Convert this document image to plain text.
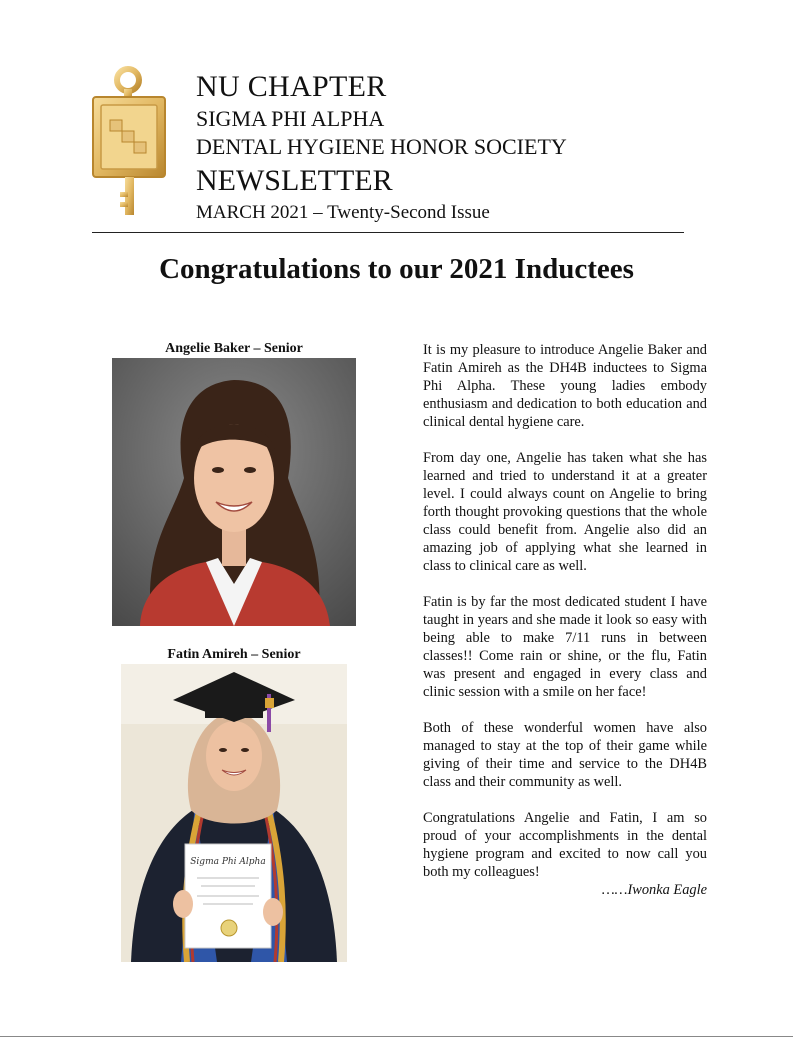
NU CHAPTER
SIGMA PHI ALPHA
DENTAL HYGIENE HONOR SOCIETY
NEWSLETTER
MARCH 2021 – Twenty-Second Issue
Congratulations to our 2021 Inductees
Angelie Baker – Senior
Fatin Amireh – Senior
Sigma Phi Alpha

It is my pleasure to introduce Angelie Baker and Fatin Amireh as the DH4B inductees to Sigma Phi Alpha. These young ladies embody enthusiasm and dedication to both education and clinical dental hygiene care.

From day one, Angelie has taken what she has learned and tried to understand it at a greater level. I could always count on Angelie to bring forth thought provoking questions that the whole class could benefit from. Angelie also did an amazing job of applying what she learned in class to clinical care as well.

Fatin is by far the most dedicated student I have taught in years and she made it look so easy with being able to make 7/11 runs in between classes!! Come rain or shine, or the flu, Fatin was present and engaged in every class and clinic session with a smile on her face!

Both of these wonderful women have also managed to stay at the top of their game while giving of their time and service to the DH4B class and their community as well.

Congratulations Angelie and Fatin, I am so proud of your accomplishments in the dental hygiene program and excited to now call you both my colleagues!

……Iwonka Eagle
